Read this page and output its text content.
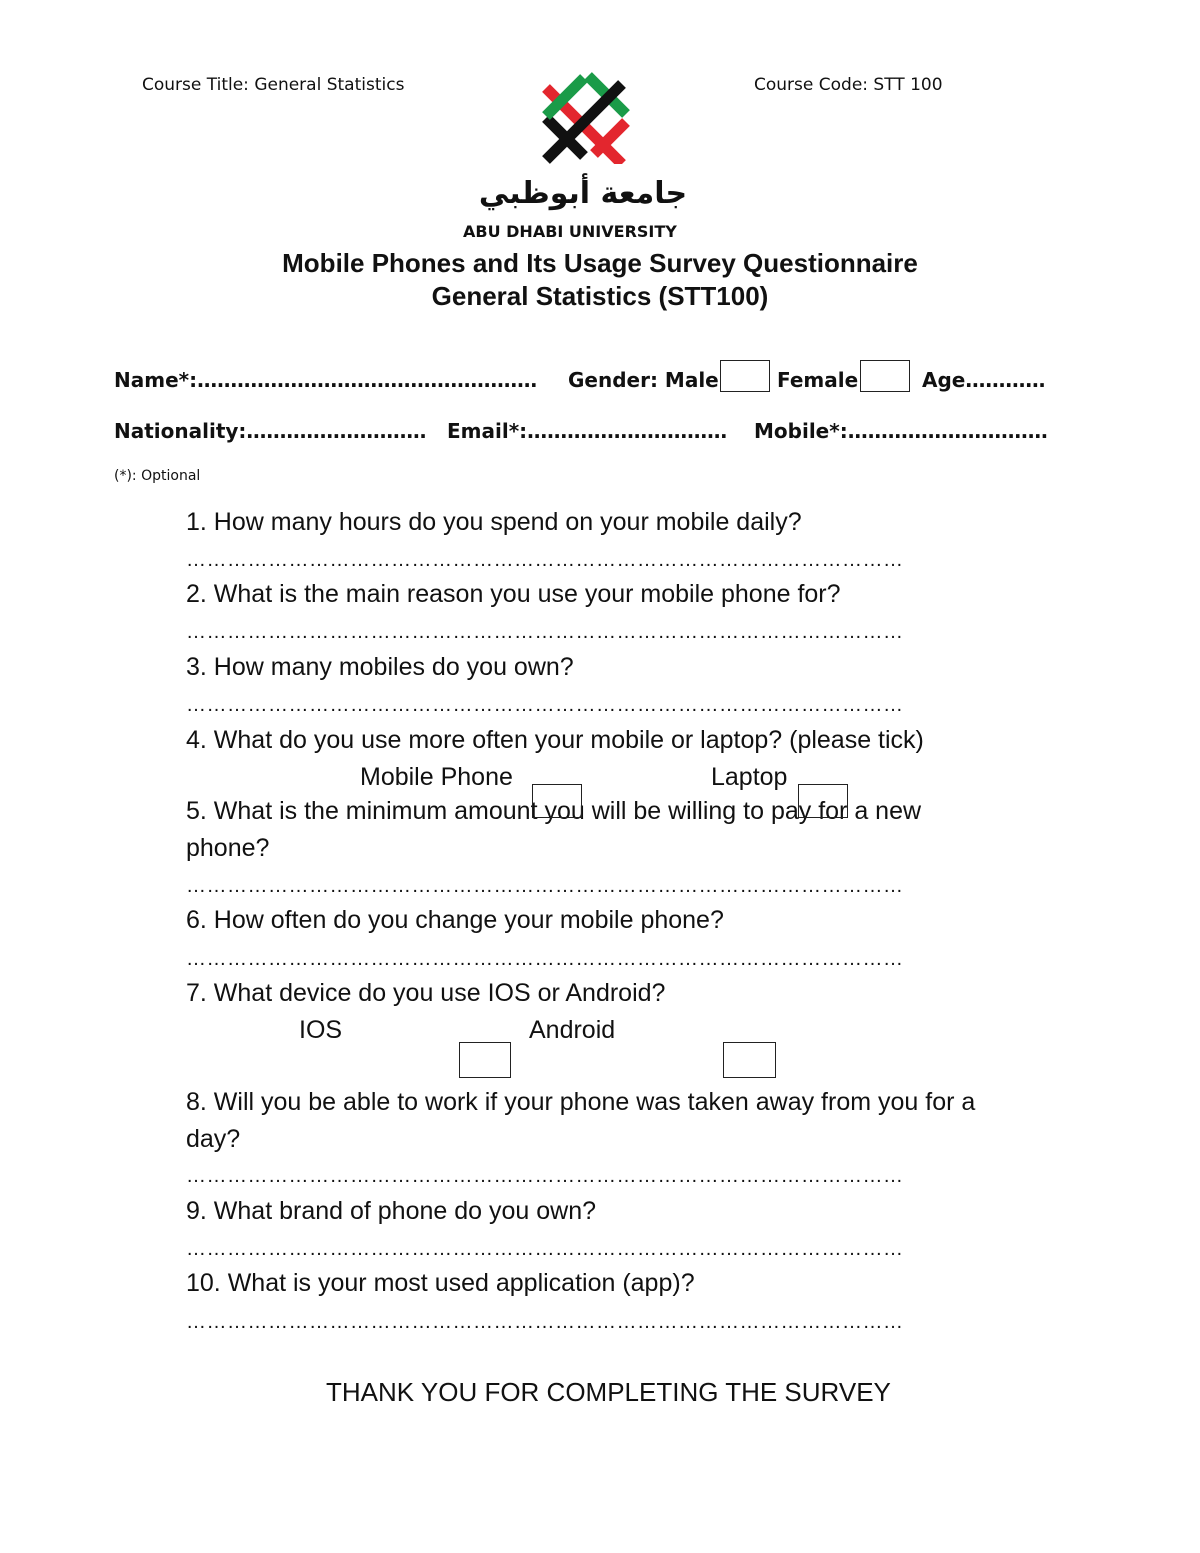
Course Title: General Statistics	Course Code: STT 100
جامعة أبوظبي
ABU DHABI UNIVERSITY
Mobile Phones and Its Usage Survey Questionnaire
General Statistics (STT100)
Name*:…………………………………………… Gender: Male	Female	Age…………
Nationality:……………………… Email*:………………………… Mobile*:…………………………
(*): Optional
1. How many hours do you spend on your mobile daily?
……………………………………………………………………………………………
2. What is the main reason you use your mobile phone for?
……………………………………………………………………………………………
3. How many mobiles do you own?
……………………………………………………………………………………………
4. What do you use more often your mobile or laptop? (please tick)
Mobile Phone	Laptop
5. What is the minimum amount you will be willing to pay for a new
phone?
……………………………………………………………………………………………
6. How often do you change your mobile phone?
……………………………………………………………………………………………
7. What device do you use IOS or Android?
IOS	Android
8. Will you be able to work if your phone was taken away from you for a
day?
……………………………………………………………………………………………
9. What brand of phone do you own?
……………………………………………………………………………………………
10. What is your most used application (app)?
……………………………………………………………………………………………
THANK YOU FOR COMPLETING THE SURVEY
